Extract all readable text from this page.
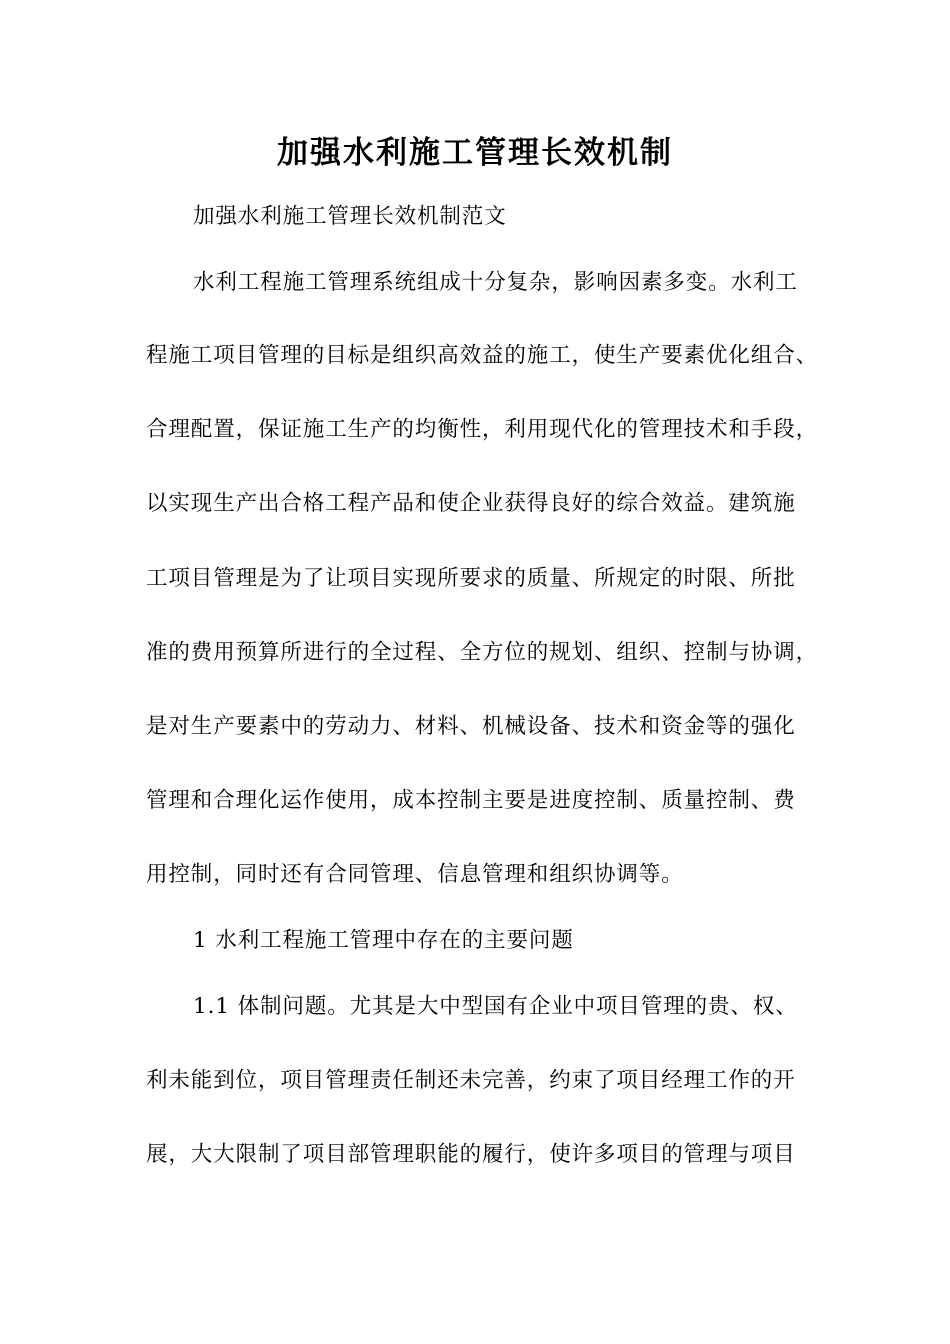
加强水利施工管理长效机制
加强水利施工管理长效机制范文
水利工程施工管理系统组成十分复杂，影响因素多变。水利工
程施工项目管理的目标是组织高效益的施工，使生产要素优化组合、
合理配置，保证施工生产的均衡性，利用现代化的管理技术和手段，
以实现生产出合格工程产品和使企业获得良好的综合效益。建筑施
工项目管理是为了让项目实现所要求的质量、所规定的时限、所批
准的费用预算所进行的全过程、全方位的规划、组织、控制与协调，
是对生产要素中的劳动力、材料、机械设备、技术和资金等的强化
管理和合理化运作使用，成本控制主要是进度控制、质量控制、费
用控制，同时还有合同管理、信息管理和组织协调等。
1 水利工程施工管理中存在的主要问题
1.1 体制问题。尤其是大中型国有企业中项目管理的贵、权、
利未能到位，项目管理责任制还未完善，约束了项目经理工作的开
展，大大限制了项目部管理职能的履行，使许多项目的管理与项目
